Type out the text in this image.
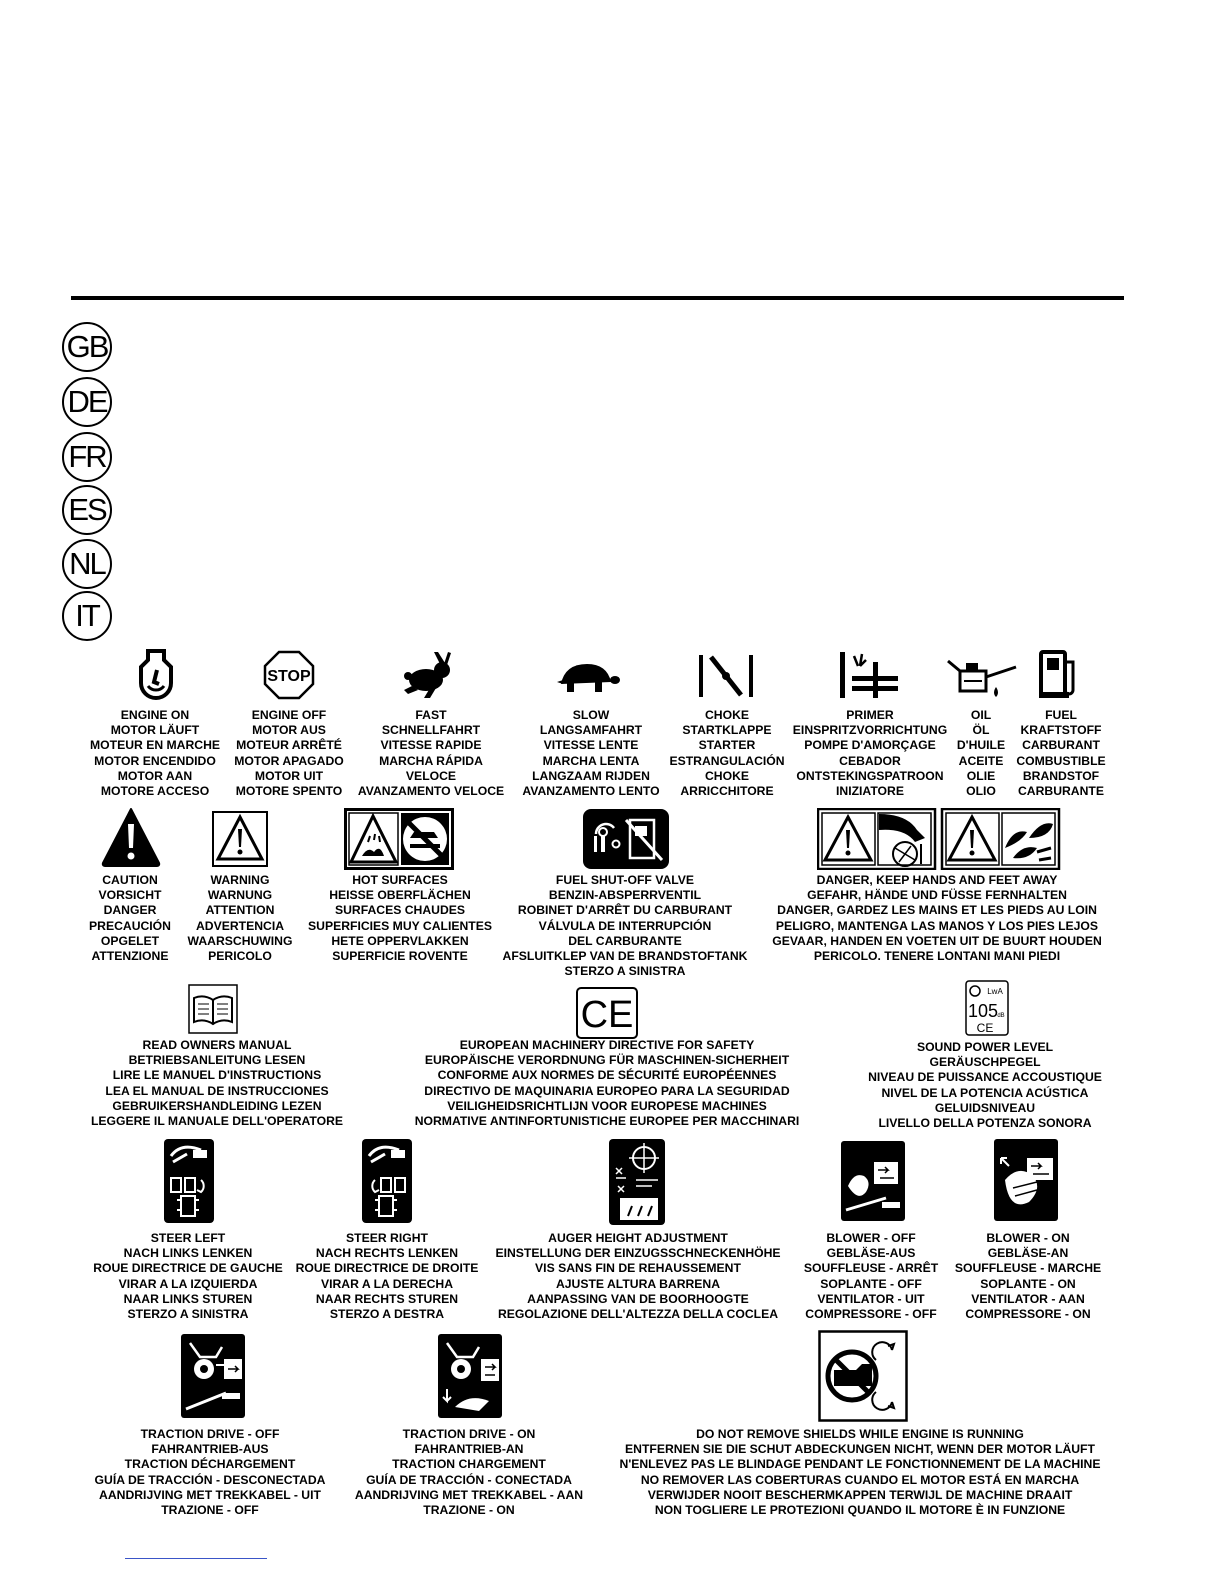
GB
DE
FR
ES
NL
IT
STOP
ENGINE ON
MOTOR LÄUFT
MOTEUR EN MARCHE
MOTOR ENCENDIDO
MOTOR AAN
MOTORE ACCESO
ENGINE OFF
MOTOR AUS
MOTEUR ARRÊTÉ
MOTOR APAGADO
MOTOR UIT
MOTORE SPENTO
FAST
SCHNELLFAHRT
VITESSE RAPIDE
MARCHA RÁPIDA
VELOCE
AVANZAMENTO VELOCE
SLOW
LANGSAMFAHRT
VITESSE LENTE
MARCHA LENTA
LANGZAAM RIJDEN
AVANZAMENTO LENTO
CHOKE
STARTKLAPPE
STARTER
ESTRANGULACIÓN
CHOKE
ARRICCHITORE
PRIMER
EINSPRITZVORRICHTUNG
POMPE D'AMORÇAGE
CEBADOR
ONTSTEKINGSPATROON
INIZIATORE
OIL
ÖL
D'HUILE
ACEITE
OLIE
OLIO
FUEL
KRAFTSTOFF
CARBURANT
COMBUSTIBLE
BRANDSTOF
CARBURANTE
CAUTION
VORSICHT
DANGER
PRECAUCIÓN
OPGELET
ATTENZIONE
WARNING
WARNUNG
ATTENTION
ADVERTENCIA
WAARSCHUWING
PERICOLO
HOT SURFACES
HEISSE OBERFLÄCHEN
SURFACES CHAUDES
SUPERFICIES MUY CALIENTES
HETE OPPERVLAKKEN
SUPERFICIE ROVENTE
FUEL SHUT-OFF VALVE
BENZIN-ABSPERRVENTIL
ROBINET D'ARRÊT DU CARBURANT
VÁLVULA DE INTERRUPCIÓN
DEL CARBURANTE
AFSLUITKLEP VAN DE BRANDSTOFTANK
STERZO A SINISTRA
DANGER, KEEP HANDS AND FEET AWAY
GEFAHR, HÄNDE UND FÜSSE FERNHALTEN
DANGER, GARDEZ LES MAINS ET LES PIEDS AU LOIN
PELIGRO, MANTENGA LAS MANOS Y LOS PIES LEJOS
GEVAAR, HANDEN EN VOETEN UIT DE BUURT HOUDEN
PERICOLO. TENERE LONTANI MANI PIEDI
CE
LwA
105 dB
CE
READ OWNERS MANUAL
BETRIEBSANLEITUNG LESEN
LIRE LE MANUEL D'INSTRUCTIONS
LEA EL MANUAL DE INSTRUCCIONES
GEBRUIKERSHANDLEIDING LEZEN
LEGGERE IL MANUALE DELL'OPERATORE
EUROPEAN MACHINERY DIRECTIVE FOR SAFETY
EUROPÄISCHE VERORDNUNG FÜR MASCHINEN-SICHERHEIT
CONFORME AUX NORMES DE SÉCURITÉ EUROPÉENNES
DIRECTIVO DE MAQUINARIA EUROPEO PARA LA SEGURIDAD
VEILIGHEIDSRICHTLIJN VOOR EUROPESE MACHINES
NORMATIVE ANTINFORTUNISTICHE EUROPEE PER MACCHINARI
SOUND POWER LEVEL
GERÄUSCHPEGEL
NIVEAU DE PUISSANCE ACCOUSTIQUE
NIVEL DE LA POTENCIA ACÚSTICA
GELUIDSNIVEAU
LIVELLO DELLA POTENZA SONORA
STEER LEFT
NACH LINKS LENKEN
ROUE DIRECTRICE DE GAUCHE
VIRAR A LA IZQUIERDA
NAAR LINKS STUREN
STERZO A SINISTRA
STEER RIGHT
NACH RECHTS LENKEN
ROUE DIRECTRICE DE DROITE
VIRAR A LA DERECHA
NAAR RECHTS STUREN
STERZO A DESTRA
AUGER HEIGHT ADJUSTMENT
EINSTELLUNG DER EINZUGSSCHNECKENHÖHE
VIS SANS FIN DE REHAUSSEMENT
AJUSTE ALTURA BARRENA
AANPASSING VAN DE BOORHOOGTE
REGOLAZIONE DELL'ALTEZZA DELLA COCLEA
BLOWER - OFF
GEBLÄSE-AUS
SOUFFLEUSE - ARRÊT
SOPLANTE - OFF
VENTILATOR - UIT
COMPRESSORE - OFF
BLOWER - ON
GEBLÄSE-AN
SOUFFLEUSE - MARCHE
SOPLANTE - ON
VENTILATOR - AAN
COMPRESSORE - ON
TRACTION DRIVE - OFF
FAHRANTRIEB-AUS
TRACTION DÉCHARGEMENT
GUÍA DE TRACCIÓN - DESCONECTADA
AANDRIJVING MET TREKKABEL - UIT
TRAZIONE - OFF
TRACTION DRIVE - ON
FAHRANTRIEB-AN
TRACTION CHARGEMENT
GUÍA DE TRACCIÓN - CONECTADA
AANDRIJVING MET TREKKABEL - AAN
TRAZIONE - ON
DO NOT REMOVE SHIELDS WHILE ENGINE IS RUNNING
ENTFERNEN SIE DIE SCHUT ABDECKUNGEN NICHT, WENN DER MOTOR LÄUFT
N'ENLEVEZ PAS LE BLINDAGE PENDANT LE FONCTIONNEMENT DE LA MACHINE
NO REMOVER LAS COBERTURAS CUANDO EL MOTOR ESTÁ EN MARCHA
VERWIJDER NOOIT BESCHERMKAPPEN TERWIJL DE MACHINE DRAAIT
NON TOGLIERE LE PROTEZIONI QUANDO IL MOTORE È IN FUNZIONE
